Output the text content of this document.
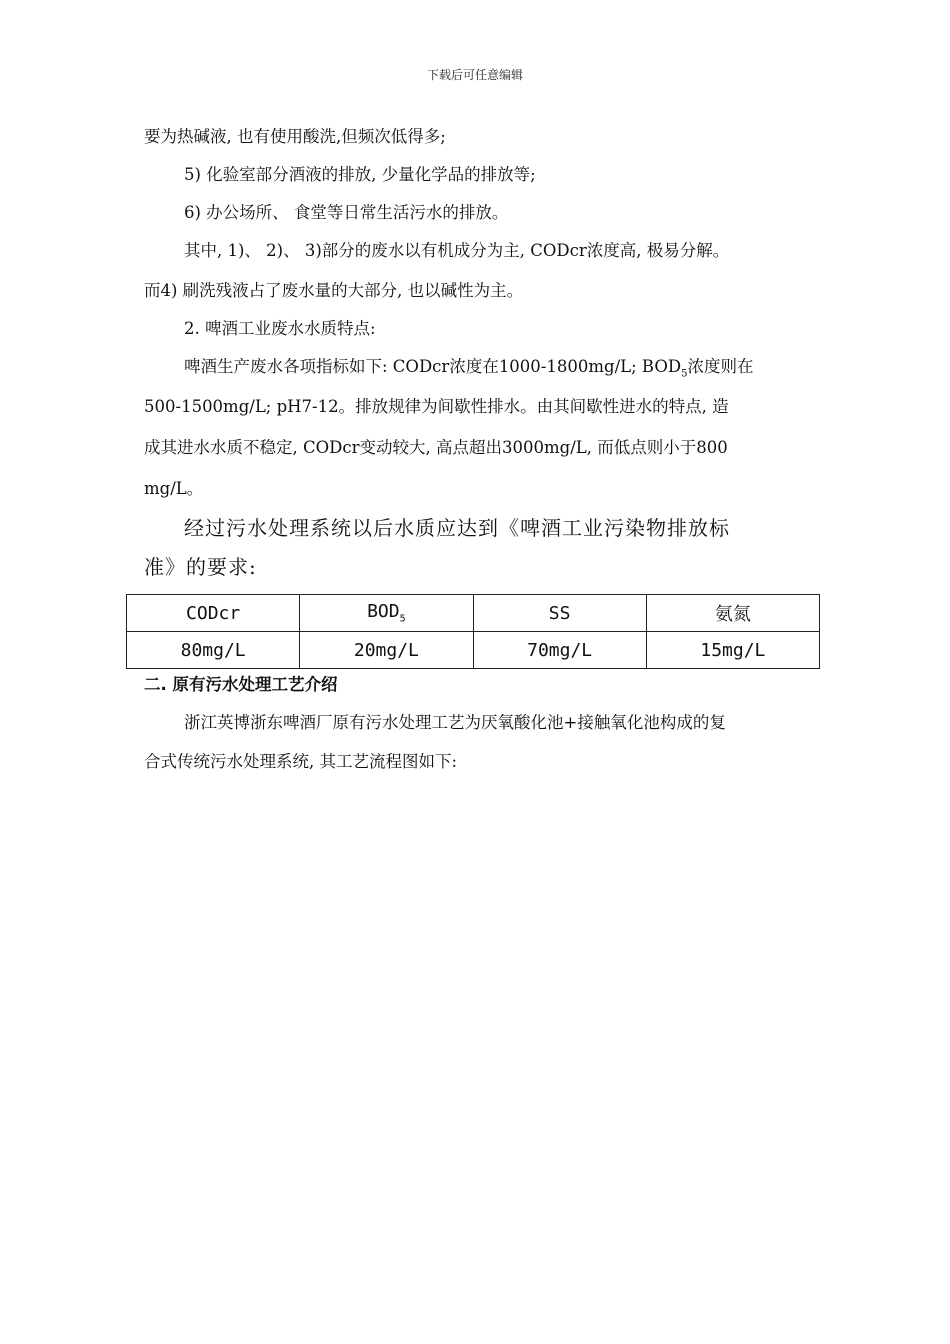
下载后可任意编辑
要为热碱液, 也有使用酸洗,但频次低得多;
5) 化验室部分酒液的排放, 少量化学品的排放等;
6) 办公场所、 食堂等日常生活污水的排放。
其中, 1)、 2)、 3)部分的废水以有机成分为主, CODcr浓度高, 极易分解。
而4) 刷洗残液占了废水量的大部分, 也以碱性为主。
2. 啤酒工业废水水质特点:
啤酒生产废水各项指标如下: CODcr浓度在1000-1800mg/L; $BOD_5$浓度则在
500-1500mg/L; pH7-12。排放规律为间歇性排水。由其间歇性进水的特点, 造
成其进水水质不稳定, CODcr变动较大, 高点超出3000mg/L, 而低点则小于800
mg/L。
经过污水处理系统以后水质应达到《啤酒工业污染物排放标
准》的要求:
CODcr	$BOD_5$	SS	氨氮
80mg/L	20mg/L	70mg/L	15mg/L
二. 原有污水处理工艺介绍
浙江英博浙东啤酒厂原有污水处理工艺为厌氧酸化池+接触氧化池构成的复
合式传统污水处理系统, 其工艺流程图如下:
